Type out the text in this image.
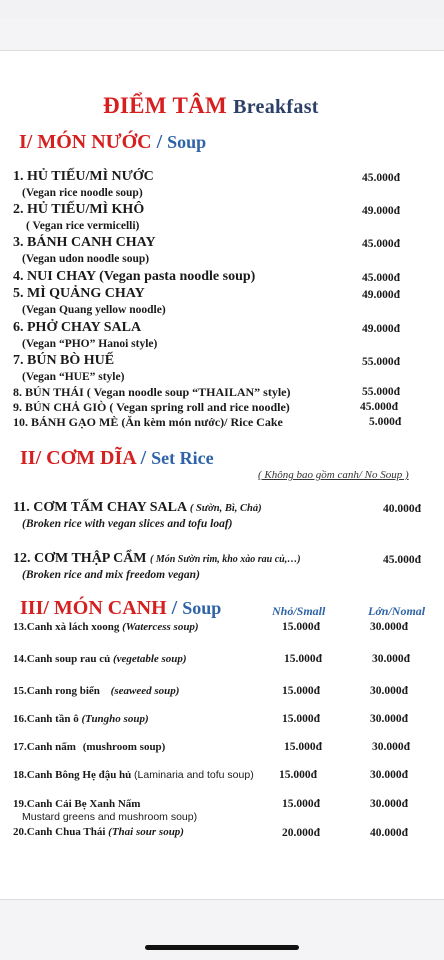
ĐIỂM TÂM Breakfast
I/ MÓN NƯỚC / Soup
1. HỦ TIẾU/MÌ NƯỚC
(Vegan rice noodle soup)
45.000đ
2. HỦ TIẾU/MÌ KHÔ
( Vegan rice vermicelli)
49.000đ
3. BÁNH CANH CHAY
(Vegan udon noodle soup)
45.000đ
4. NUI CHAY (Vegan pasta noodle soup)	45.000đ
5. MÌ QUẢNG CHAY
(Vegan Quang yellow noodle)
49.000đ
6. PHỞ CHAY SALA
(Vegan “PHO” Hanoi style)
49.000đ
7. BÚN BÒ HUẾ
(Vegan “HUE” style)
55.000đ
8. BÚN THÁI ( Vegan noodle soup “THAILAN” style)	55.000đ
9. BÚN CHẢ GIÒ ( Vegan spring roll and rice noodle)	45.000đ
10. BÁNH GẠO MÈ (Ăn kèm món nước)/ Rice Cake	5.000đ
II/ CƠM DĨA / Set Rice
( Không bao gồm canh/ No Soup )
11. CƠM TẤM CHAY SALA ( Sườn, Bì, Chả)
(Broken rice with vegan slices and tofu loaf)
40.000đ
12. CƠM THẬP CẨM ( Món Sườn rim, kho xào rau củ,…)
(Broken rice and mix freedom vegan)
45.000đ
III/ MÓN CANH / Soup	Nhỏ/Small	Lớn/Nomal
13.Canh xà lách xoong (Watercess soup)	15.000đ	30.000đ
14.Canh soup rau củ (vegetable soup)	15.000đ	30.000đ
15.Canh rong biển (seaweed soup)	15.000đ	30.000đ
16.Canh tần ô (Tungho soup)	15.000đ	30.000đ
17.Canh nấm (mushroom soup)	15.000đ	30.000đ
18.Canh Bông Hẹ đậu hủ (Laminaria and tofu soup) 15.000đ	30.000đ
19.Canh Cải Bẹ Xanh Nấm
Mustard greens and mushroom soup)
15.000đ	30.000đ
20.Canh Chua Thái (Thai sour soup)	20.000đ	40.000đ
